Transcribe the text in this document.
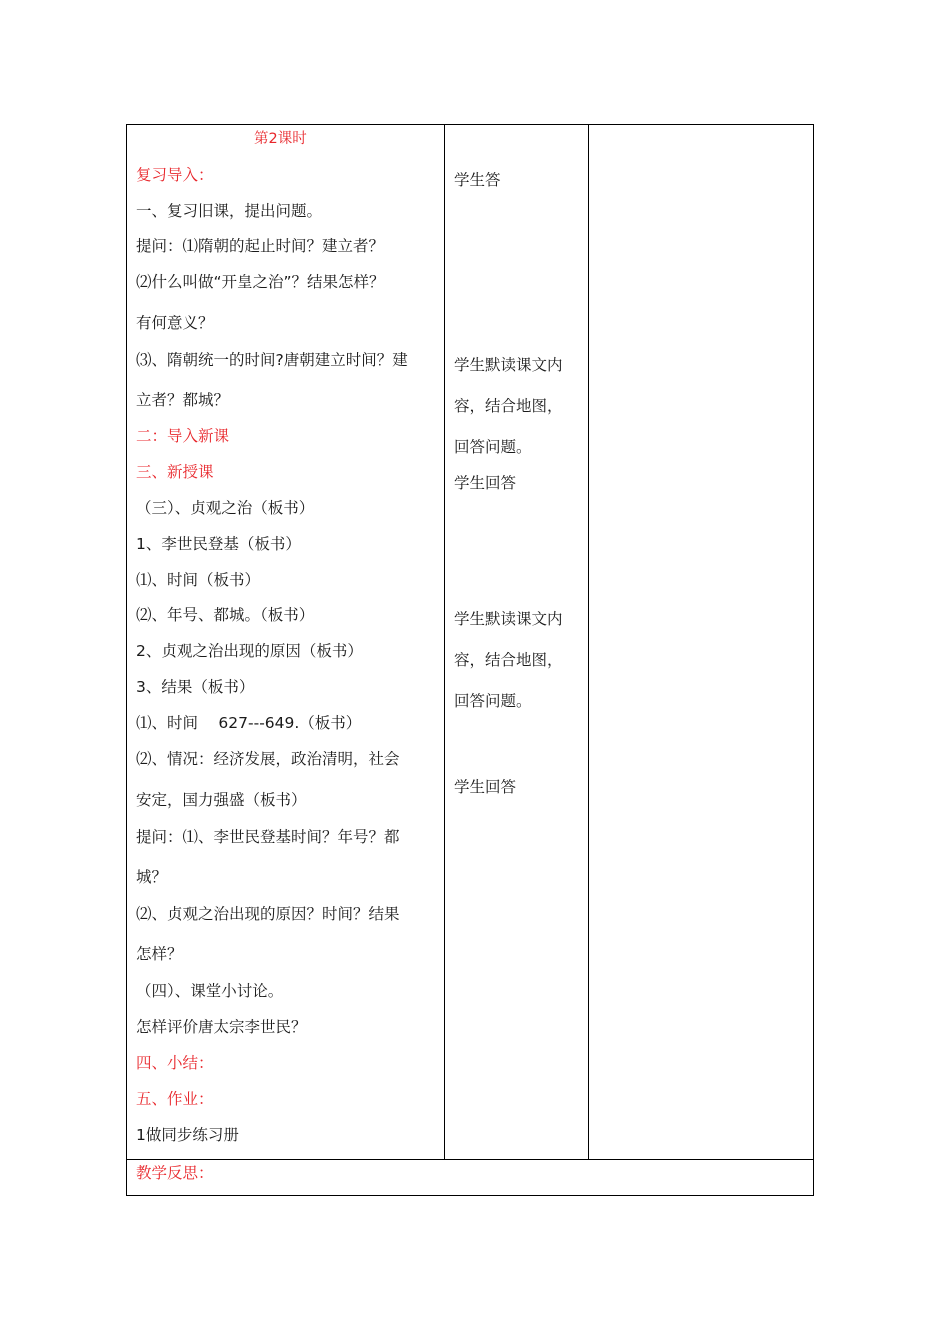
第2课时
复习导入：
一、复习旧课，提出问题。
提问：⑴隋朝的起止时间？建立者？
⑵什么叫做“开皇之治”？结果怎样？
有何意义？
⑶、隋朝统一的时间?唐朝建立时间？建
立者？都城？
二：导入新课
三、新授课
（三）、贞观之治（板书）
1、李世民登基（板书）
⑴、时间（板书）
⑵、年号、都城。（板书）
2、贞观之治出现的原因（板书）
3、结果（板书）
⑴、时间　 627---649.（板书）
⑵、情况：经济发展，政治清明，社会
安定，国力强盛（板书）
提问：⑴、李世民登基时间？年号？都
城？
⑵、贞观之治出现的原因？时间？结果
怎样？
（四）、课堂小讨论。
怎样评价唐太宗李世民？
四、小结：
五、作业：
1做同步练习册
学生答
学生默读课文内
容，结合地图，
回答问题。
学生回答
学生默读课文内
容，结合地图，
回答问题。
学生回答
教学反思：
